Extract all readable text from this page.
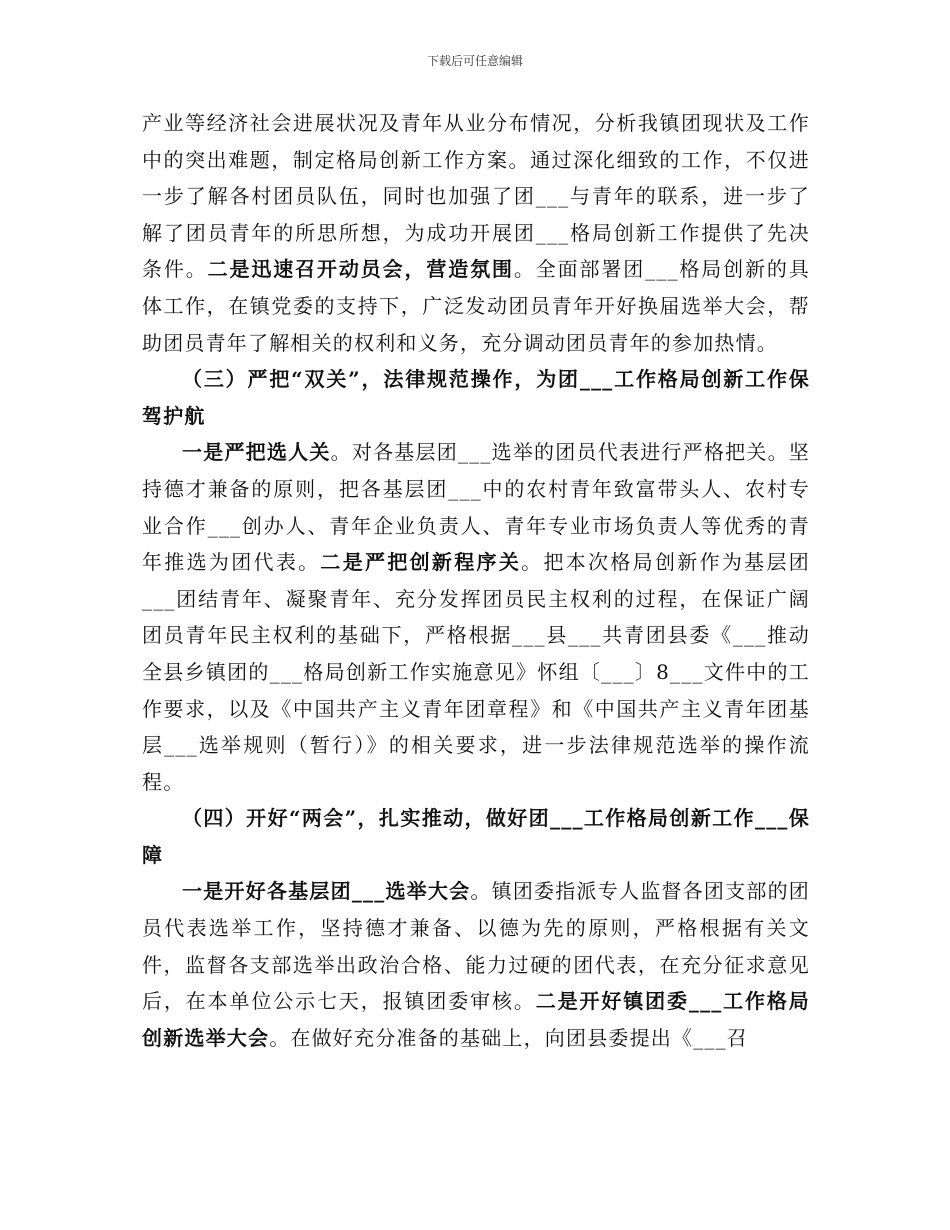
下载后可任意编辑

产业等经济社会进展状况及青年从业分布情况，分析我镇团现状及工作中的突出难题，制定格局创新工作方案。通过深化细致的工作，不仅进一步了解各村团员队伍，同时也加强了团___与青年的联系，进一步了解了团员青年的所思所想，为成功开展团___格局创新工作提供了先决条件。二是迅速召开动员会，营造氛围。全面部署团___格局创新的具体工作，在镇党委的支持下，广泛发动团员青年开好换届选举大会，帮助团员青年了解相关的权利和义务，充分调动团员青年的参加热情。

（三）严把“双关”，法律规范操作，为团___工作格局创新工作保驾护航

一是严把选人关。对各基层团___选举的团员代表进行严格把关。坚持德才兼备的原则，把各基层团___中的农村青年致富带头人、农村专业合作___创办人、青年企业负责人、青年专业市场负责人等优秀的青年推选为团代表。二是严把创新程序关。把本次格局创新作为基层团___团结青年、凝聚青年、充分发挥团员民主权利的过程，在保证广阔团员青年民主权利的基础下，严格根据___县___共青团县委《___推动全县乡镇团的___格局创新工作实施意见》怀组〔___〕8___文件中的工作要求，以及《中国共产主义青年团章程》和《中国共产主义青年团基层___选举规则（暂行）》的相关要求，进一步法律规范选举的操作流程。

（四）开好“两会”，扎实推动，做好团___工作格局创新工作___保障

一是开好各基层团___选举大会。镇团委指派专人监督各团支部的团员代表选举工作，坚持德才兼备、以德为先的原则，严格根据有关文件，监督各支部选举出政治合格、能力过硬的团代表，在充分征求意见后，在本单位公示七天，报镇团委审核。二是开好镇团委___工作格局创新选举大会。在做好充分准备的基础上，向团县委提出《___召
